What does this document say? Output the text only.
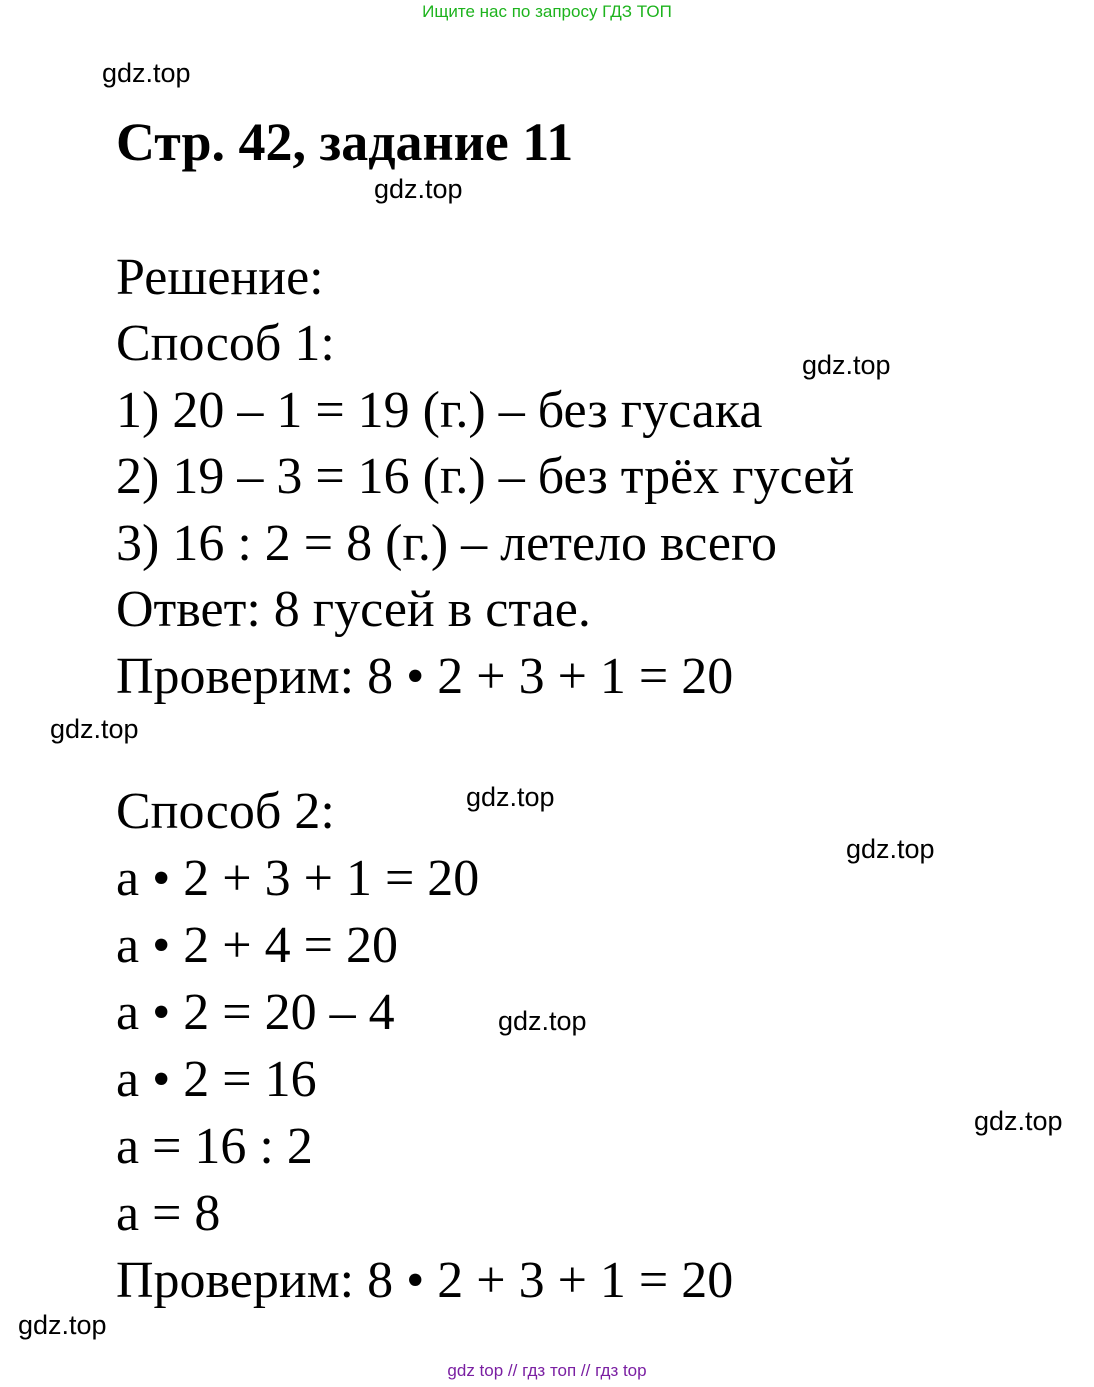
Ищите нас по запросу ГДЗ ТОП
gdz.top
Стр. 42, задание 11
gdz.top
Решение:
Способ 1:	gdz.top
1) 20 – 1 = 19 (г.) – без гусака
2) 19 – 3 = 16 (г.) – без трёх гусей
3) 16 : 2 = 8 (г.) – летело всего
Ответ: 8 гусей в стае.
Проверим: 8 • 2 + 3 + 1 = 20
gdz.top
Способ 2:	gdz.top
gdz.top
а • 2 + 3 + 1 = 20
а • 2 + 4 = 20
а • 2 = 20 – 4	gdz.top
а • 2 = 16
gdz.top
а = 16 : 2
а = 8
Проверим: 8 • 2 + 3 + 1 = 20
gdz.top
gdz top // гдз топ // гдз top
